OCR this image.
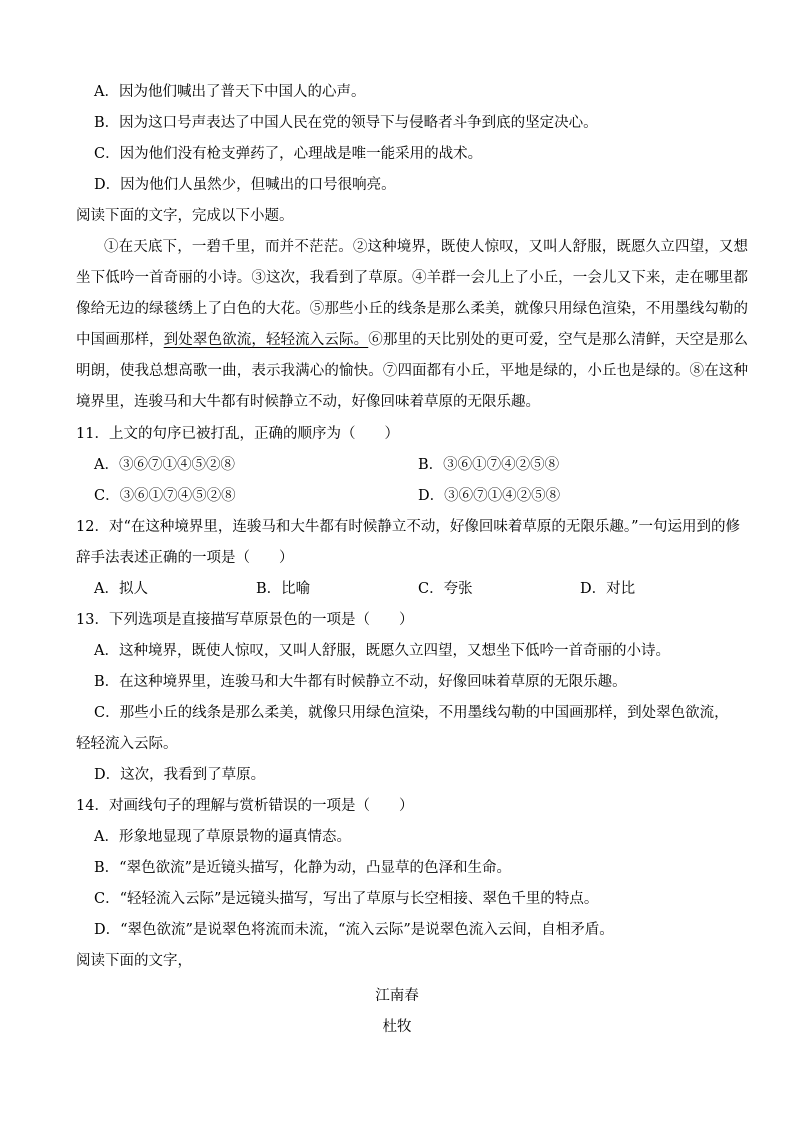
A．因为他们喊出了普天下中国人的心声。
B．因为这口号声表达了中国人民在党的领导下与侵略者斗争到底的坚定决心。
C．因为他们没有枪支弹药了，心理战是唯一能采用的战术。
D．因为他们人虽然少，但喊出的口号很响亮。
阅读下面的文字，完成以下小题。
①在天底下，一碧千里，而并不茫茫。②这种境界，既使人惊叹，又叫人舒服，既愿久立四望，又想坐下低吟一首奇丽的小诗。③这次，我看到了草原。④羊群一会儿上了小丘，一会儿又下来，走在哪里都像给无边的绿毯绣上了白色的大花。⑤那些小丘的线条是那么柔美，就像只用绿色渲染，不用墨线勾勒的中国画那样，到处翠色欲流，轻轻流入云际。⑥那里的天比别处的更可爱，空气是那么清鲜，天空是那么明朗，使我总想高歌一曲，表示我满心的愉快。⑦四面都有小丘，平地是绿的，小丘也是绿的。⑧在这种境界里，连骏马和大牛都有时候静立不动，好像回味着草原的无限乐趣。
11．上文的句序已被打乱，正确的顺序为（　　）
A．③⑥⑦①④⑤②⑧	B．③⑥①⑦④②⑤⑧
C．③⑥①⑦④⑤②⑧	D．③⑥⑦①④②⑤⑧
12．对“在这种境界里，连骏马和大牛都有时候静立不动，好像回味着草原的无限乐趣。”一句运用到的修
辞手法表述正确的一项是（　　）
A．拟人	B．比喻	C．夸张	D．对比
13．下列选项是直接描写草原景色的一项是（　　）
A．这种境界，既使人惊叹，又叫人舒服，既愿久立四望，又想坐下低吟一首奇丽的小诗。
B．在这种境界里，连骏马和大牛都有时候静立不动，好像回味着草原的无限乐趣。
C．那些小丘的线条是那么柔美，就像只用绿色渲染，不用墨线勾勒的中国画那样，到处翠色欲流，
轻轻流入云际。
D．这次，我看到了草原。
14．对画线句子的理解与赏析错误的一项是（　　）
A．形象地显现了草原景物的逼真情态。
B．“翠色欲流”是近镜头描写，化静为动，凸显草的色泽和生命。
C．“轻轻流入云际”是远镜头描写，写出了草原与长空相接、翠色千里的特点。
D．“翠色欲流”是说翠色将流而未流，“流入云际”是说翠色流入云间，自相矛盾。
阅读下面的文字，
江南春
杜牧
